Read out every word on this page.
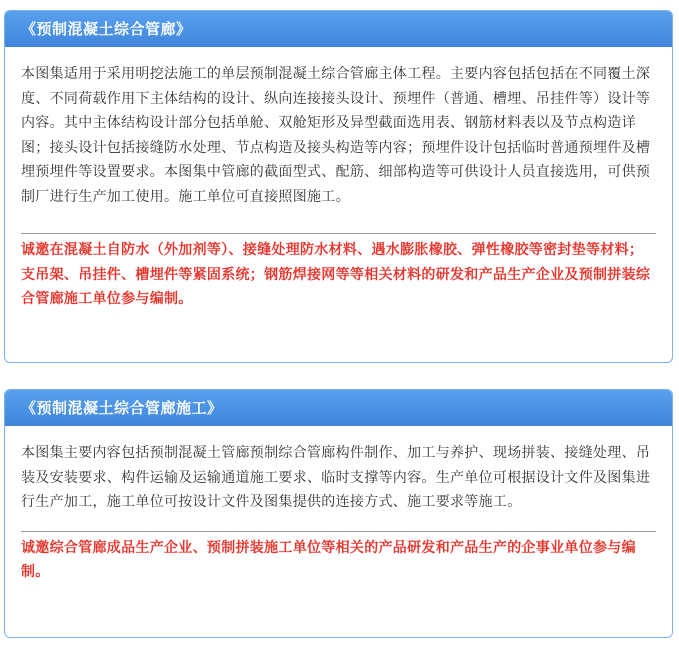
《预制混凝土综合管廊》

本图集适用于采用明挖法施工的单层预制混凝土综合管廊主体工程。主要内容包括包括在不同覆土深度、不同荷载作用下主体结构的设计、纵向连接接头设计、预埋件（普通、槽埋、吊挂件等）设计等内容。其中主体结构设计部分包括单舱、双舱矩形及异型截面选用表、钢筋材料表以及节点构造详图；接头设计包括接缝防水处理、节点构造及接头构造等内容；预埋件设计包括临时普通预埋件及槽埋预埋件等设置要求。本图集中管廊的截面型式、配筋、细部构造等可供设计人员直接选用，可供预制厂进行生产加工使用。施工单位可直接照图施工。

诚邀在混凝土自防水（外加剂等）、接缝处理防水材料、遇水膨胀橡胶、弹性橡胶等密封垫等材料；支吊架、吊挂件、槽埋件等紧固系统；钢筋焊接网等等相关材料的研发和产品生产企业及预制拼装综合管廊施工单位参与编制。

《预制混凝土综合管廊施工》

本图集主要内容包括预制混凝土管廊预制综合管廊构件制作、加工与养护、现场拼装、接缝处理、吊装及安装要求、构件运输及运输通道施工要求、临时支撑等内容。生产单位可根据设计文件及图集进行生产加工，施工单位可按设计文件及图集提供的连接方式、施工要求等施工。

诚邀综合管廊成品生产企业、预制拼装施工单位等相关的产品研发和产品生产的企事业单位参与编制。
